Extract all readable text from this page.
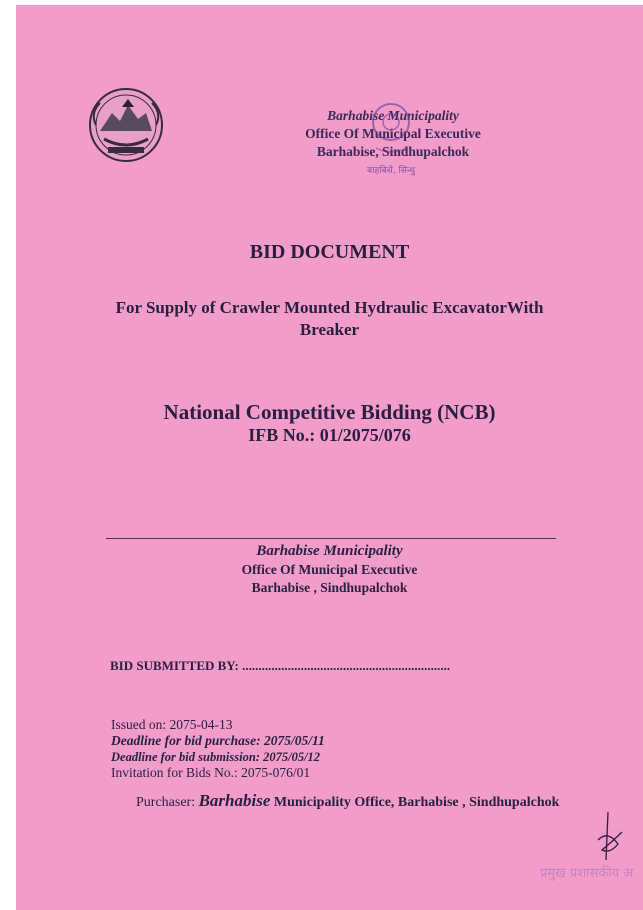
Barhabise Municipality
Office Of Municipal Executive
Barhabise, Sindhupalchok
बाहबिसे, सिन्धु
BID DOCUMENT
For Supply of Crawler Mounted Hydraulic ExcavatorWith
Breaker
National Competitive Bidding (NCB)
IFB No.: 01/2075/076
Barhabise Municipality
Office Of Municipal Executive
Barhabise , Sindhupalchok
BID SUBMITTED BY: ................................................................
Issued on: 2075-04-13
Deadline for bid purchase: 2075/05/11
Deadline for bid submission: 2075/05/12
Invitation for Bids No.: 2075-076/01
Purchaser: Barhabise Municipality Office, Barhabise , Sindhupalchok
प्रमुख प्रशासकीय अ
